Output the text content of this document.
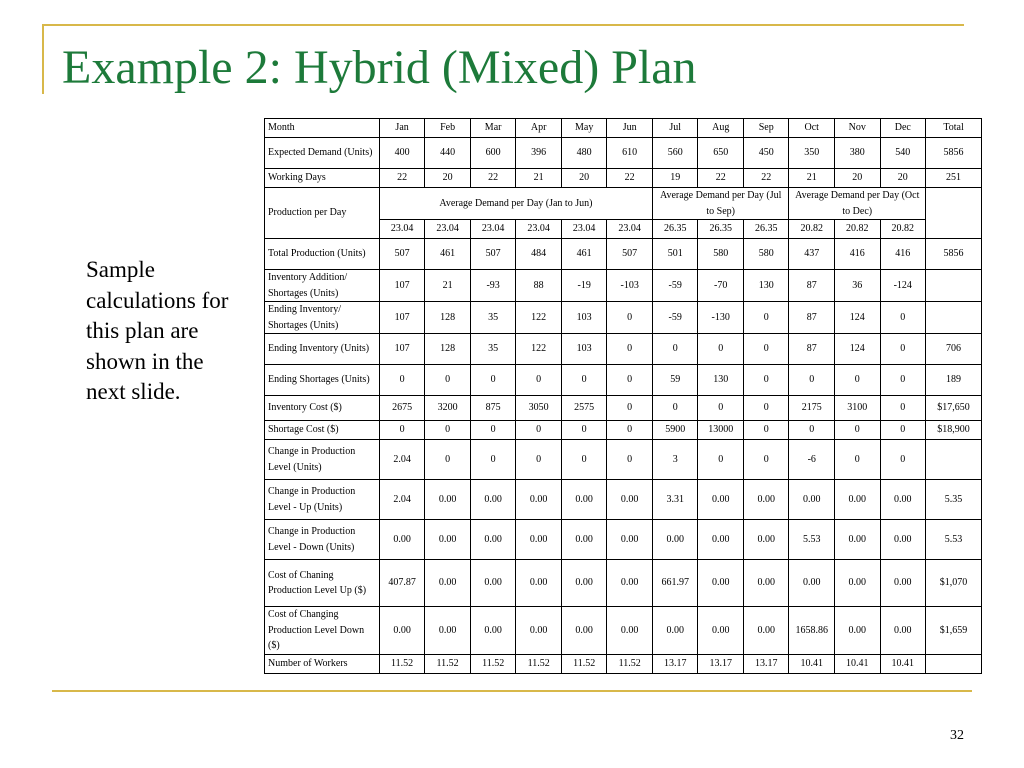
Example 2: Hybrid (Mixed) Plan

Sample calculations for this plan are shown in the next slide.

32
Month	Jan	Feb	Mar	Apr	May	Jun	Jul	Aug	Sep	Oct	Nov	Dec	Total
Expected Demand (Units)	400	440	600	396	480	610	560	650	450	350	380	540	5856
Working Days	22	20	22	21	20	22	19	22	22	21	20	20	251
Production per Day	Average Demand per Day (Jan to Jun)						Average Demand per Day (Jul to Sep)			Average Demand per Day (Oct to Dec)			
	23.04	23.04	23.04	23.04	23.04	23.04	26.35	26.35	26.35	20.82	20.82	20.82	
Total Production (Units)	507	461	507	484	461	507	501	580	580	437	416	416	5856
Inventory Addition/ Shortages (Units)	107	21	-93	88	-19	-103	-59	-70	130	87	36	-124	
Ending Inventory/ Shortages (Units)	107	128	35	122	103	0	-59	-130	0	87	124	0	
Ending Inventory (Units)	107	128	35	122	103	0	0	0	0	87	124	0	706
Ending Shortages (Units)	0	0	0	0	0	0	59	130	0	0	0	0	189
Inventory Cost ($)	2675	3200	875	3050	2575	0	0	0	0	2175	3100	0	$17,650
Shortage Cost ($)	0	0	0	0	0	0	5900	13000	0	0	0	0	$18,900
Change in Production Level (Units)	2.04	0	0	0	0	0	3	0	0	-6	0	0	
Change in Production Level - Up (Units)	2.04	0.00	0.00	0.00	0.00	0.00	3.31	0.00	0.00	0.00	0.00	0.00	5.35
Change in Production Level - Down (Units)	0.00	0.00	0.00	0.00	0.00	0.00	0.00	0.00	0.00	5.53	0.00	0.00	5.53
Cost of Chaning Production Level Up ($)	407.87	0.00	0.00	0.00	0.00	0.00	661.97	0.00	0.00	0.00	0.00	0.00	$1,070
Cost of Changing Production Level Down ($)	0.00	0.00	0.00	0.00	0.00	0.00	0.00	0.00	0.00	1658.86	0.00	0.00	$1,659
Number of Workers	11.52	11.52	11.52	11.52	11.52	11.52	13.17	13.17	13.17	10.41	10.41	10.41	
